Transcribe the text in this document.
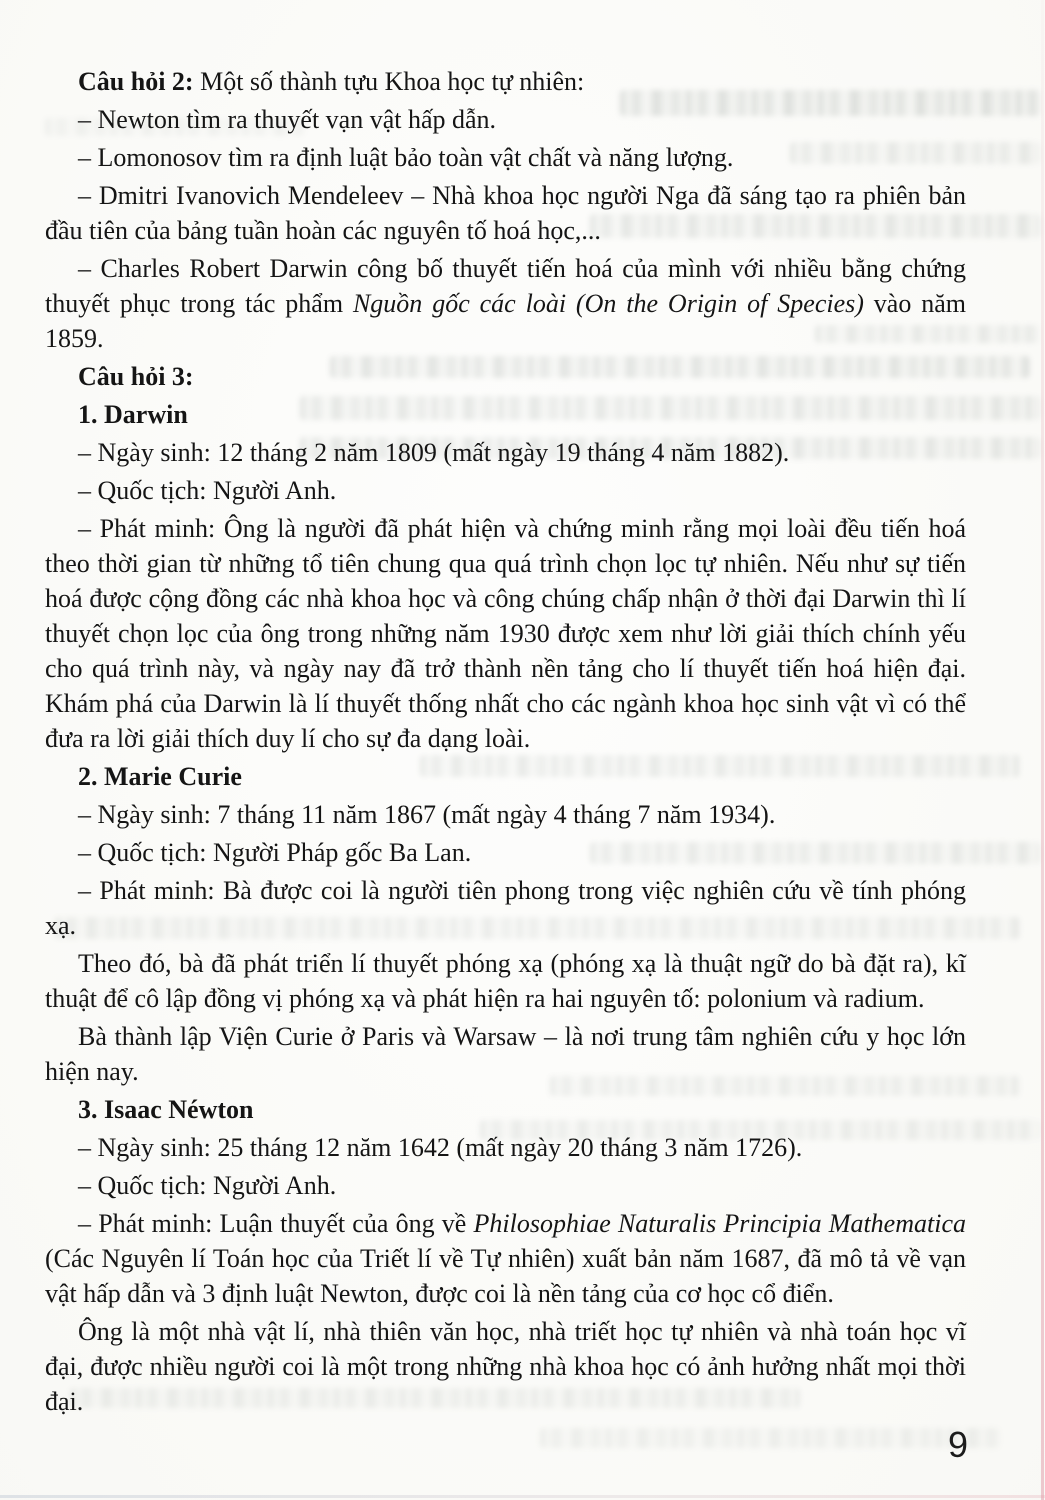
Câu hỏi 2: Một số thành tựu Khoa học tự nhiên:

– Newton tìm ra thuyết vạn vật hấp dẫn.

– Lomonosov tìm ra định luật bảo toàn vật chất và năng lượng.

– Dmitri Ivanovich Mendeleev – Nhà khoa học người Nga đã sáng tạo ra phiên bản đầu tiên của bảng tuần hoàn các nguyên tố hoá học,...

– Charles Robert Darwin công bố thuyết tiến hoá của mình với nhiều bằng chứng thuyết phục trong tác phẩm Nguồn gốc các loài (On the Origin of Species) vào năm 1859.

Câu hỏi 3:

1. Darwin

– Ngày sinh: 12 tháng 2 năm 1809 (mất ngày 19 tháng 4 năm 1882).

– Quốc tịch: Người Anh.

– Phát minh: Ông là người đã phát hiện và chứng minh rằng mọi loài đều tiến hoá theo thời gian từ những tổ tiên chung qua quá trình chọn lọc tự nhiên. Nếu như sự tiến hoá được cộng đồng các nhà khoa học và công chúng chấp nhận ở thời đại Darwin thì lí thuyết chọn lọc của ông trong những năm 1930 được xem như lời giải thích chính yếu cho quá trình này, và ngày nay đã trở thành nền tảng cho lí thuyết tiến hoá hiện đại. Khám phá của Darwin là lí thuyết thống nhất cho các ngành khoa học sinh vật vì có thể đưa ra lời giải thích duy lí cho sự đa dạng loài.

2. Marie Curie

– Ngày sinh: 7 tháng 11 năm 1867 (mất ngày 4 tháng 7 năm 1934).

– Quốc tịch: Người Pháp gốc Ba Lan.

– Phát minh: Bà được coi là người tiên phong trong việc nghiên cứu về tính phóng xạ.

Theo đó, bà đã phát triển lí thuyết phóng xạ (phóng xạ là thuật ngữ do bà đặt ra), kĩ thuật để cô lập đồng vị phóng xạ và phát hiện ra hai nguyên tố: polonium và radium.

Bà thành lập Viện Curie ở Paris và Warsaw – là nơi trung tâm nghiên cứu y học lớn hiện nay.

3. Isaac Néwton

– Ngày sinh: 25 tháng 12 năm 1642 (mất ngày 20 tháng 3 năm 1726).

– Quốc tịch: Người Anh.

– Phát minh: Luận thuyết của ông về Philosophiae Naturalis Principia Mathematica (Các Nguyên lí Toán học của Triết lí về Tự nhiên) xuất bản năm 1687, đã mô tả về vạn vật hấp dẫn và 3 định luật Newton, được coi là nền tảng của cơ học cổ điển.

Ông là một nhà vật lí, nhà thiên văn học, nhà triết học tự nhiên và nhà toán học vĩ đại, được nhiều người coi là một trong những nhà khoa học có ảnh hưởng nhất mọi thời đại.

9
